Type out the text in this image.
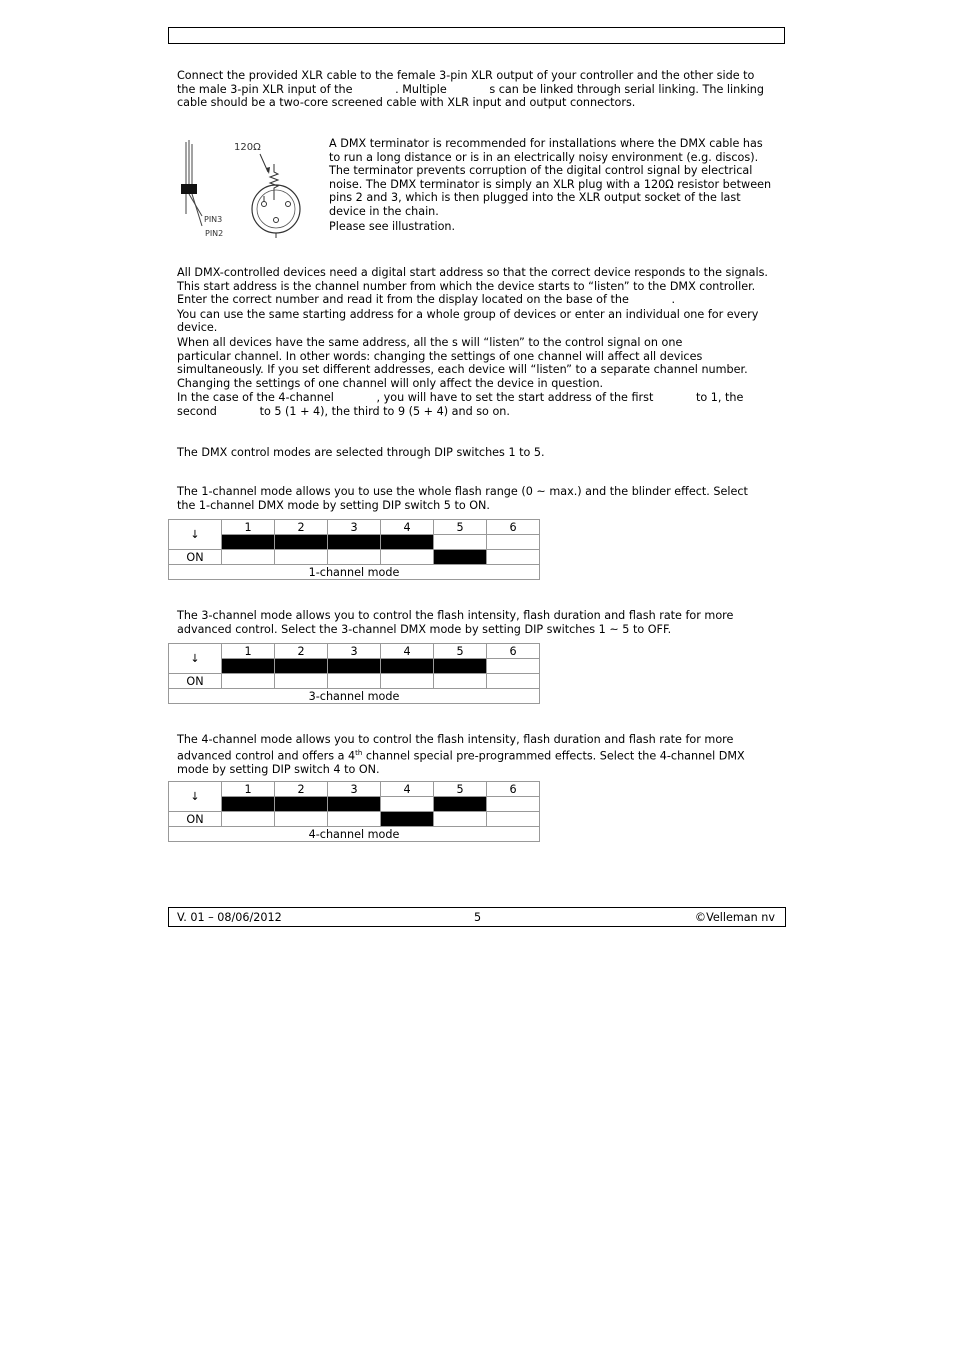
Connect the provided XLR cable to the female 3-pin XLR output of your controller and the other side to

the male 3-pin XLR input of the            . Multiple            s can be linked through serial linking. The linking

cable should be a two-core screened cable with XLR input and output connectors.

PIN3
PIN2
120Ω	A DMX terminator is recommended for installations where the DMX cable has

to run a long distance or is in an electrically noisy environment (e.g. discos).

The terminator prevents corruption of the digital control signal by electrical

noise. The DMX terminator is simply an XLR plug with a 120Ω resistor between

pins 2 and 3, which is then plugged into the XLR output socket of the last

device in the chain.

Please see illustration.

All DMX-controlled devices need a digital start address so that the correct device responds to the signals.

This start address is the channel number from which the device starts to “listen” to the DMX controller.

Enter the correct number and read it from the display located on the base of the            .

You can use the same starting address for a whole group of devices or enter an individual one for every

device.

When all devices have the same address, all the s will “listen” to the control signal on one

particular channel. In other words: changing the settings of one channel will affect all devices

simultaneously. If you set different addresses, each device will “listen” to a separate channel number.

Changing the settings of one channel will only affect the device in question.

In the case of the 4-channel            , you will have to set the start address of the first            to 1, the

second            to 5 (1 + 4), the third to 9 (5 + 4) and so on.

The DMX control modes are selected through DIP switches 1 to 5.

The 1-channel mode allows you to use the whole flash range (0 ~ max.) and the blinder effect. Select

the 1-channel DMX mode by setting DIP switch 5 to ON.

↓	1	2	3	4	5	6

ON						
1-channel mode						

The 3-channel mode allows you to control the flash intensity, flash duration and flash rate for more

advanced control. Select the 3-channel DMX mode by setting DIP switches 1 ~ 5 to OFF.

↓	1	2	3	4	5	6

ON						
3-channel mode						

The 4-channel mode allows you to control the flash intensity, flash duration and flash rate for more

advanced control and offers a 4th channel special pre-programmed effects. Select the 4-channel DMX

mode by setting DIP switch 4 to ON.

↓	1	2	3	4	5	6

ON						
4-channel mode						
V. 01 – 08/06/2012	5	©Velleman nv
